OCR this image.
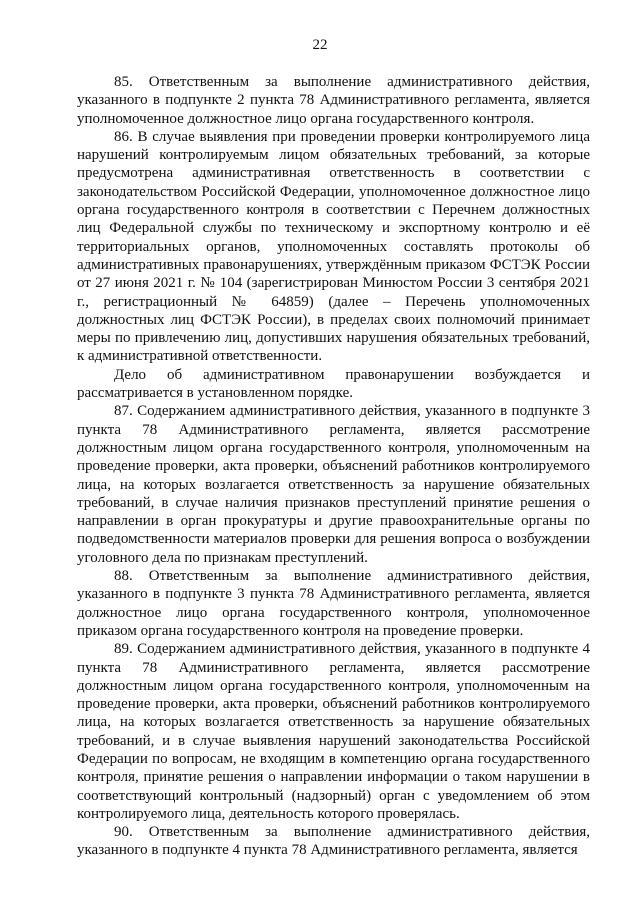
22

85. Ответственным за выполнение административного действия, указанного в подпункте 2 пункта 78 Административного регламента, является уполномоченное должностное лицо органа государственного контроля.

86. В случае выявления при проведении проверки контролируемого лица нарушений контролируемым лицом обязательных требований, за которые предусмотрена административная ответственность в соответствии с законодательством Российской Федерации, уполномоченное должностное лицо органа государственного контроля в соответствии с Перечнем должностных лиц Федеральной службы по техническому и экспортному контролю и её территориальных органов, уполномоченных составлять протоколы об административных правонарушениях, утверждённым приказом ФСТЭК России от 27 июня 2021 г. № 104 (зарегистрирован Минюстом России 3 сентября 2021 г., регистрационный № 64859) (далее – Перечень уполномоченных должностных лиц ФСТЭК России), в пределах своих полномочий принимает меры по привлечению лиц, допустивших нарушения обязательных требований, к административной ответственности.

Дело об административном правонарушении возбуждается и рассматривается в установленном порядке.

87. Содержанием административного действия, указанного в подпункте 3 пункта 78 Административного регламента, является рассмотрение должностным лицом органа государственного контроля, уполномоченным на проведение проверки, акта проверки, объяснений работников контролируемого лица, на которых возлагается ответственность за нарушение обязательных требований, в случае наличия признаков преступлений принятие решения о направлении в орган прокуратуры и другие правоохранительные органы по подведомственности материалов проверки для решения вопроса о возбуждении уголовного дела по признакам преступлений.

88. Ответственным за выполнение административного действия, указанного в подпункте 3 пункта 78 Административного регламента, является должностное лицо органа государственного контроля, уполномоченное приказом органа государственного контроля на проведение проверки.

89. Содержанием административного действия, указанного в подпункте 4 пункта 78 Административного регламента, является рассмотрение должностным лицом органа государственного контроля, уполномоченным на проведение проверки, акта проверки, объяснений работников контролируемого лица, на которых возлагается ответственность за нарушение обязательных требований, и в случае выявления нарушений законодательства Российской Федерации по вопросам, не входящим в компетенцию органа государственного контроля, принятие решения о направлении информации о таком нарушении в соответствующий контрольный (надзорный) орган с уведомлением об этом контролируемого лица, деятельность которого проверялась.

90. Ответственным за выполнение административного действия, указанного в подпункте 4 пункта 78 Административного регламента, является
